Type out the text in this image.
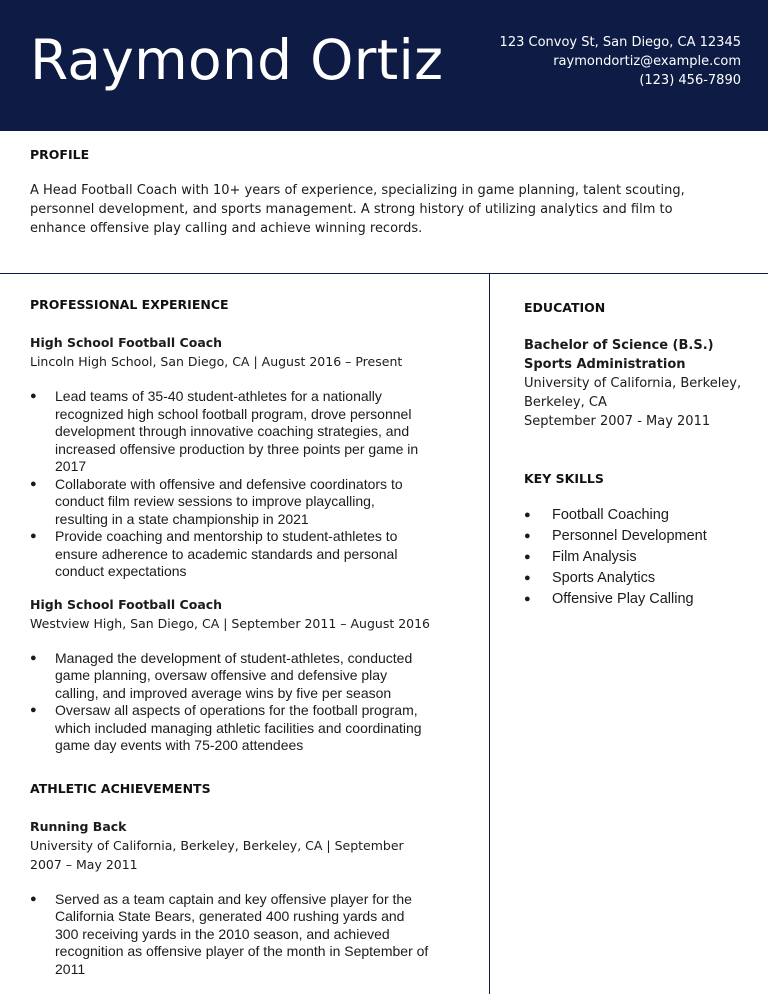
Raymond Ortiz	123 Convoy St, San Diego, CA 12345
raymondortiz@example.com
(123) 456-7890
PROFILE
A Head Football Coach with 10+ years of experience, specializing in game planning, talent scouting, personnel development, and sports management. A strong history of utilizing analytics and film to enhance offensive play calling and achieve winning records.
PROFESSIONAL EXPERIENCE
High School Football Coach
Lincoln High School, San Diego, CA | August 2016 – Present
● Lead teams of 35-40 student-athletes for a nationally recognized high school football program, drove personnel development through innovative coaching strategies, and increased offensive production by three points per game in 2017
● Collaborate with offensive and defensive coordinators to conduct film review sessions to improve playcalling, resulting in a state championship in 2021
● Provide coaching and mentorship to student-athletes to ensure adherence to academic standards and personal conduct expectations
High School Football Coach
Westview High, San Diego, CA | September 2011 – August 2016
● Managed the development of student-athletes, conducted game planning, oversaw offensive and defensive play calling, and improved average wins by five per season
● Oversaw all aspects of operations for the football program, which included managing athletic facilities and coordinating game day events with 75-200 attendees
ATHLETIC ACHIEVEMENTS
Running Back
University of California, Berkeley, Berkeley, CA | September 2007 – May 2011
● Served as a team captain and key offensive player for the California State Bears, generated 400 rushing yards and 300 receiving yards in the 2010 season, and achieved recognition as offensive player of the month in September of 2011
EDUCATION
Bachelor of Science (B.S.) Sports Administration
University of California, Berkeley, Berkeley, CA
September 2007 - May 2011
KEY SKILLS
● Football Coaching
● Personnel Development
● Film Analysis
● Sports Analytics
● Offensive Play Calling
